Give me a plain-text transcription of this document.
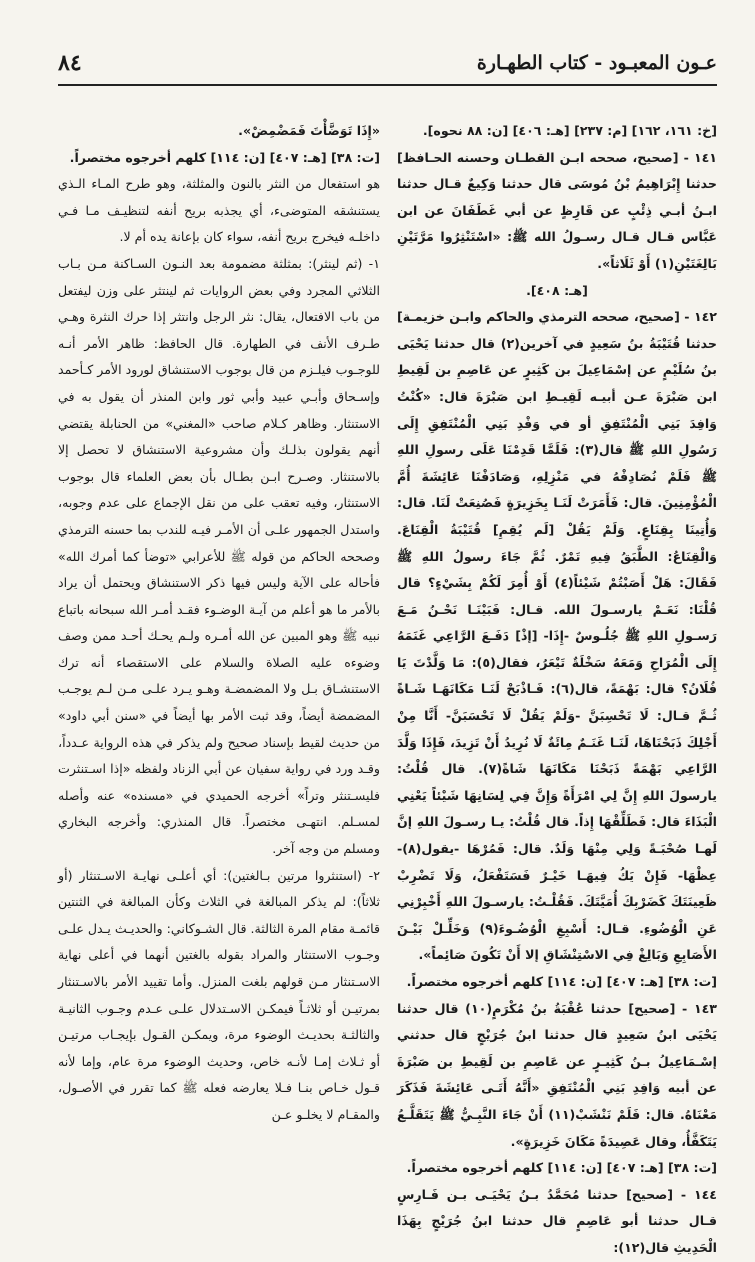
عـون المعبـود - كتاب الطهـارة
٨٤

[خ: ١٦١، ١٦٢] [م: ٢٣٧] [هـ: ٤٠٦] [ن: ٨٨ نحوه].

١٤١ - [صحيح، صححه ابـن القطـان وحسنه الحـافظ] حدثنا إِبْرَاهِيمُ بْنُ مُوسَى قال حدثنا وَكِيعٌ قـال حدثنا ابـنُ أبـي ذِئْبٍ عن قَارِظٍ عن أبي غَطَفَانَ عن ابن عَبَّاس قـال قـال رسـولُ الله ﷺ: «اسْتَنْثِرُوا مَرَّتَيْنِ بَالِغَتَيْنِ(١) أَوْ ثَلَاثاً».

[هـ: ٤٠٨].

١٤٢ - [صحيح، صححه الترمذي والحاكم وابـن خزيمـة] حدثنا قُتَيْبَةُ بنُ سَعِيدٍ في آخرين(٢) قال حدثنا يَحْيَى بنُ سُلَيْمٍ عن إسْمَاعِيلَ بن كَثِيرٍ عن عَاصِمِ بن لَقِيطِ ابن صَبْرَةَ عـن أبيـه لَقِيـطِ ابن صَبْرَةَ قال: «كُنْتُ وَافِدَ بَنِي الْمُنْتَفِقِ أو في وَفْدِ بَنِي الْمُنْتَفِقِ إِلَى رَسُولِ اللهِ ﷺ قال(٣): فَلَمَّا قَدِمْنَا عَلَى رسولِ اللهِ ﷺ فَلَمْ نُصَادِفْهُ في مَنْزِلِهِ، وَصَادَفْنَا عَائِشَةَ أُمَّ الْمُؤْمِنِينَ. قال: فَأَمَرَتْ لَنَـا بِخَزِيرَةٍ فَصُنِعَتْ لَنَا. قال: وَأُتِينَا بِقِنَاعٍ. وَلَمْ يَقُلْ [لَم يُقِمِ] قُتَيْبَةُ الْقِنَاعَ. وَالْقِنَاعُ: الطَّبَقُ فِيهِ تَمْرٌ. ثُمَّ جَاءَ رسولُ اللهِ ﷺ فَقَالَ: هَلْ أَصَبْتُمْ شَيْئاً(٤) أَوْ أُمِرَ لَكُمْ بِشَيْءٍ؟ قال قُلْنَا: نَعَـمْ يارسـولَ الله. قـال: فَبَيْنَـا نَحْـنُ مَـعَ رَسـولِ اللهِ ﷺ جُلُـوسٌ -إِذَا- [إذْ] دَفَـعَ الرَّاعِي غَنَمَهُ إِلَى الْمُرَاحِ وَمَعَهُ سَخْلَةٌ تَيْعَرُ، فقال(٥): مَا وَلَّدْتَ يَا فُلَانُ؟ قال: بَهْمَةً، قال(٦): فَـاذْبَحْ لَنَـا مَكَانَهَـا شَـاةً ثُـمَّ قـال: لَا تَحْسِبَنَّ -وَلَمْ يَقُلْ لَا تَحْسَبَنَّ- أَنَّا مِنْ أَجْلِكَ ذَبَحْنَاهَا، لَنَـا غَنَـمٌ مِائَةٌ لَا نُرِيدُ أَنْ تَزِيدَ، فَإِذَا وَلَّدَ الرَّاعِي بَهْمَةً ذَبَحْنَا مَكَانَهَا شَاةً(٧). قال قُلْتُ: يارسولَ اللهِ إِنَّ لِي امْرَأَةً وَإِنَّ فِي لِسَانِهَا شَيْئاً يَعْنِي الْبَذَاءَ قال: فَطَلِّقْهَا إِذاً. قال قُلْتُ: يـا رسـولَ اللهِ إنَّ لَهـا صُحْبَـةً وَلِي مِنْهَا وَلَدٌ. قال: فَمُرْهَا -يقول(٨)- عِظْهَا- فَإِنْ يَكُ فِيهَـا خَيْـرٌ فَسَتَفْعَلُ، وَلَا تَضْرِبْ ظَعِينَتَكَ كَضَرْبِكَ أُمَيَّتَكَ. فَقُلْـتُ: يارسـولَ اللهِ أَخْبِرْنِي عَنِ الْوُضُوءِ. قـال: أَسْبِغِ الْوُضُـوءَ(٩) وَخَلِّـلْ بَيْـنَ الأَصَابِعِ وَبَالِغْ فِي الاسْتِنْشَاقِ إلا أَنْ تَكُونَ صَائِماً».

[ت: ٣٨] [هـ: ٤٠٧] [ن: ١١٤] كلهم أخرجوه مختصراً.

١٤٣ - [صحيح] حدثنا عُقْبَةُ بنُ مُكْرَمٍ(١٠) قال حدثنا يَحْيَى ابنُ سَعِيدٍ قال حدثنا ابنُ جُرَيْجٍ قال حدثني إسْـمَاعِيلُ بـنُ كَثِيـرٍ عن عَاصِمِ بن لَقِيطِ بن صَبْرَةَ عن أبيه وَافِدِ بَنِي الْمُنْتَفِقِ «أَنَّهُ أَتَـى عَائِشَةَ فَذَكَرَ مَعْنَاهُ. قال: فَلَمْ نَنْشَبْ(١١) أَنْ جَاءَ النَّبِـيُّ ﷺ يَتَقَلَّـعُ يَتَكَفَّأُ، وقال عَصِيدَةً مَكَانَ خَزِيرَةٍ».

[ت: ٣٨] [هـ: ٤٠٧] [ن: ١١٤] كلهم أخرجوه مختصراً.

١٤٤ - [صحيح] حدثنا مُحَمَّدُ بـنُ يَحْيَـى بـن فَـارِسٍ قـال حدثنا أبو عَاصِمٍ قال حدثنا ابنُ جُرَيْجٍ بِهَذَا الْحَدِيثِ قال(١٢):

«إِذَا تَوَضَّأْتَ فَمَضْمِضْ».

[ت: ٣٨] [هـ: ٤٠٧] [ن: ١١٤] كلهم أخرجوه مختصراً.

هو استفعال من النثر بالنون والمثلثة، وهو طرح المـاء الـذي يستنشقه المتوضىء، أي يجذبه بريح أنفه لتنظيـف مـا فـي داخلـه فيخرج بريح أنفه، سواء كان بإعانة يده أم لا.

١- (ثم لينثر): بمثلثة مضمومة بعد النـون السـاكنة مـن بـاب الثلاثي المجرد وفي بعض الروايات ثم لينتثر على وزن ليفتعل من باب الافتعال، يقال: نثر الرجل وانتثر إذا حرك النثرة وهـي طـرف الأنف في الطهارة. قال الحافظ: ظاهر الأمر أنـه للوجـوب فيلـزم من قال بوجوب الاستنشاق لورود الأمر كـأحمد وإسـحاق وأبـي عبيد وأبي ثور وابن المنذر أن يقول به في الاستنثار. وظاهر كـلام صاحب «المغني» من الحنابلة يقتضي أنهم يقولون بذلـك وأن مشروعية الاستنشاق لا تحصل إلا بالاستنثار. وصـرح ابـن بطـال بأن بعض العلماء قال بوجوب الاستنثار، وفيه تعقب على من نقل الإجماع على عدم وجوبه، واستدل الجمهور علـى أن الأمـر فيـه للندب بما حسنه الترمذي وصححه الحاكم من قوله ﷺ للأعرابي «توضأ كما أمرك الله» فأحاله على الآية وليس فيها ذكر الاستنشاق ويحتمل أن يراد بالأمر ما هو أعلم من آيـة الوضـوء فقـد أمـر الله سبحانه باتباع نبيه ﷺ وهو المبين عن الله أمـره ولـم يحـك أحـد ممن وصف وضوءه عليه الصلاة والسلام على الاستقصاء أنه ترك الاستنشـاق بـل ولا المضمضـة وهـو يـرد علـى مـن لـم يوجـب المضمضة أيضاً، وقد ثبت الأمر بها أيضاً في «سنن أبي داود» من حديث لقيط بإسناد صحيح ولم يذكر في هذه الرواية عـدداً، وقـد ورد في رواية سفيان عن أبي الزناد ولفظه «إذا اسـتنثرت فليسـتنثر وتراً» أخرجه الحميدي في «مسنده» عنه وأصله لمسـلم. انتهـى مختصراً. قال المنذري: وأخرجه البخاري ومسلم من وجه آخر.

٢- (استنثروا مرتين بـالغتين): أي أعلـى نهايـة الاسـتنثار (أو ثلاثاً): لم يذكر المبالغة في الثلاث وكأن المبالغة في الثنتين قائمـة مقام المرة الثالثة. قال الشـوكاني: والحديـث يـدل علـى وجـوب الاستنثار والمراد بقوله بالغتين أنهما في أعلى نهاية الاسـتنثار مـن قولهم بلغت المنزل. وأما تقييد الأمر بالاسـتنثار بمرتيـن أو ثلاثـاً فيمكـن الاسـتدلال علـى عـدم وجـوب الثانيـة والثالثـة بحديـث الوضوء مرة، ويمكـن القـول بإيجـاب مرتيـن أو ثـلاث إمـا لأنـه خاص، وحديث الوضوء مرة عام، وإما لأنه قـول خـاص بنـا فـلا يعارضه فعله ﷺ كما تقرر في الأصـول، والمقـام لا يخلـو عـن
